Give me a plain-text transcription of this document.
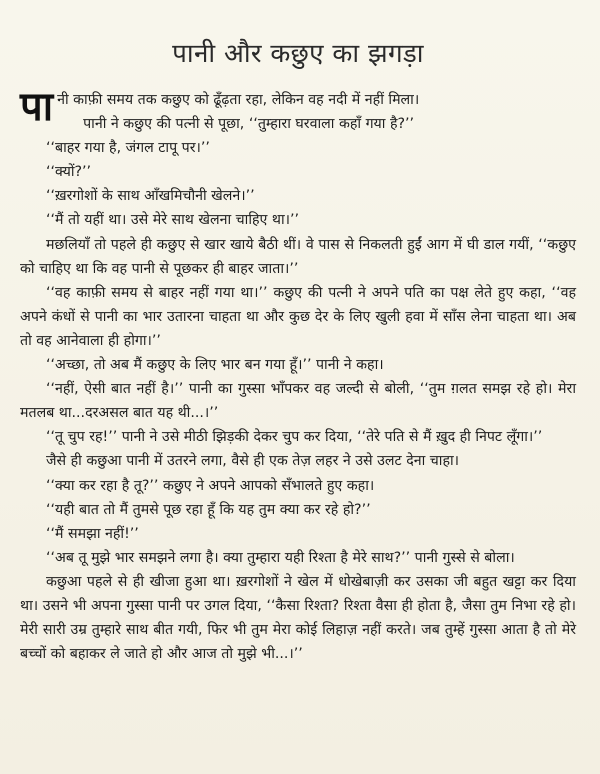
पानी और कछुए का झगड़ा

पानी काफ़ी समय तक कछुए को ढूँढ़ता रहा, लेकिन वह नदी में नहीं मिला।

पानी ने कछुए की पत्नी से पूछा, ‘‘तुम्हारा घरवाला कहाँ गया है?’’

‘‘बाहर गया है, जंगल टापू पर।’’

‘‘क्यों?’’

‘‘ख़रगोशों के साथ आँखमिचौनी खेलने।’’

‘‘मैं तो यहीं था। उसे मेरे साथ खेलना चाहिए था।’’

मछलियाँ तो पहले ही कछुए से खार खाये बैठी थीं। वे पास से निकलती हुईं आग में घी डाल गयीं, ‘‘कछुए को चाहिए था कि वह पानी से पूछकर ही बाहर जाता।’’

‘‘वह काफ़ी समय से बाहर नहीं गया था।’’ कछुए की पत्नी ने अपने पति का पक्ष लेते हुए कहा, ‘‘वह अपने कंधों से पानी का भार उतारना चाहता था और कुछ देर के लिए खुली हवा में साँस लेना चाहता था। अब तो वह आनेवाला ही होगा।’’

‘‘अच्छा, तो अब मैं कछुए के लिए भार बन गया हूँ।’’ पानी ने कहा।

‘‘नहीं, ऐसी बात नहीं है।’’ पानी का गुस्सा भाँपकर वह जल्दी से बोली, ‘‘तुम ग़लत समझ रहे हो। मेरा मतलब था...दरअसल बात यह थी...।’’

‘‘तू चुप रह!’’ पानी ने उसे मीठी झिड़की देकर चुप कर दिया, ‘‘तेरे पति से मैं ख़ुद ही निपट लूँगा।’’

जैसे ही कछुआ पानी में उतरने लगा, वैसे ही एक तेज़ लहर ने उसे उलट देना चाहा।

‘‘क्या कर रहा है तू?’’ कछुए ने अपने आपको सँभालते हुए कहा।

‘‘यही बात तो मैं तुमसे पूछ रहा हूँ कि यह तुम क्या कर रहे हो?’’

‘‘मैं समझा नहीं!’’

‘‘अब तू मुझे भार समझने लगा है। क्या तुम्हारा यही रिश्ता है मेरे साथ?’’ पानी गुस्से से बोला।

कछुआ पहले से ही खीजा हुआ था। ख़रगोशों ने खेल में धोखेबाज़ी कर उसका जी बहुत खट्टा कर दिया था। उसने भी अपना गुस्सा पानी पर उगल दिया, ‘‘कैसा रिश्ता? रिश्ता वैसा ही होता है, जैसा तुम निभा रहे हो। मेरी सारी उम्र तुम्हारे साथ बीत गयी, फिर भी तुम मेरा कोई लिहाज़ नहीं करते। जब तुम्हें गुस्सा आता है तो मेरे बच्चों को बहाकर ले जाते हो और आज तो मुझे भी...।’’
